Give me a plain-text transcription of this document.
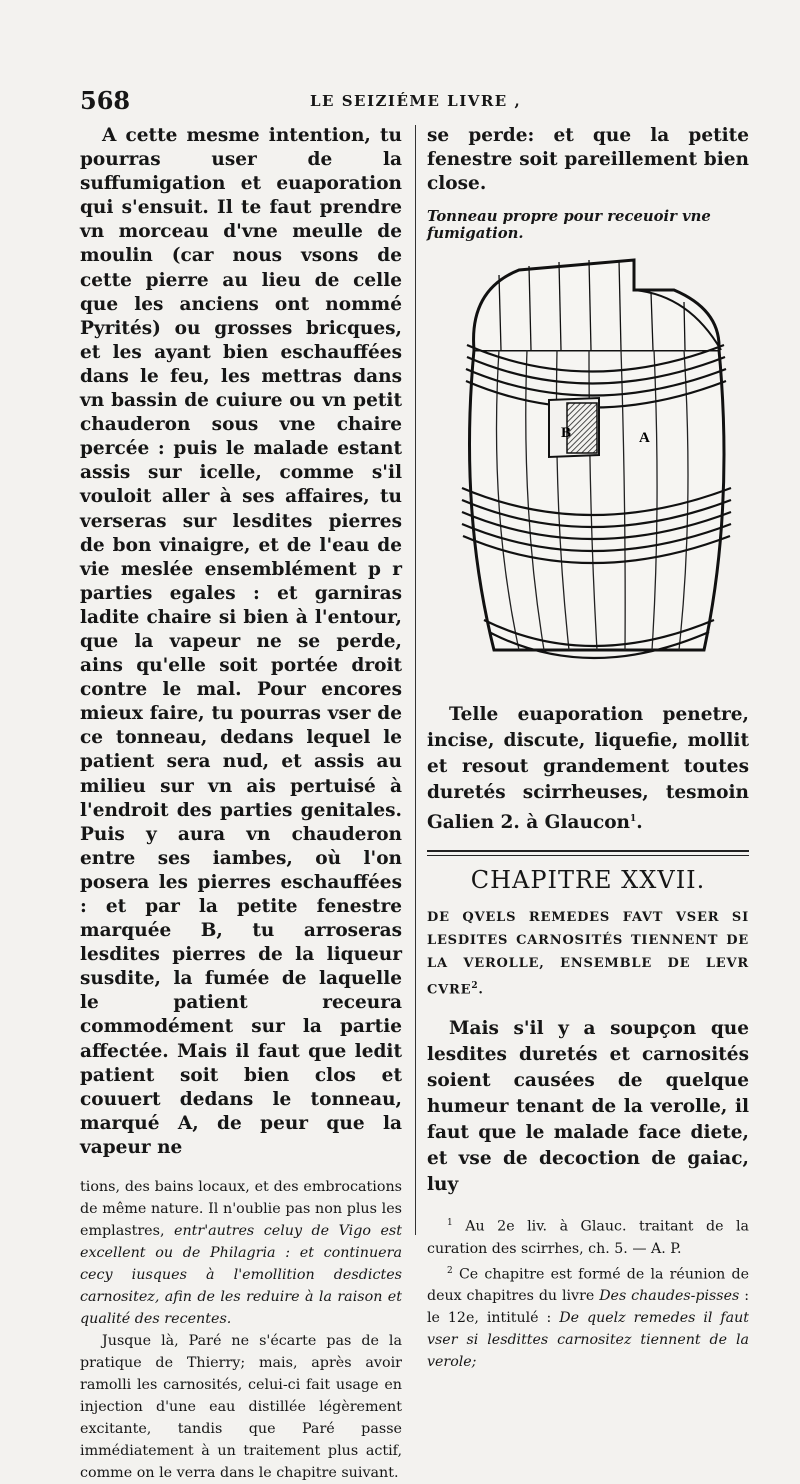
568	LE SEIZIÉME LIVRE ,

A cette mesme intention, tu pourras user de la suffumigation et euaporation qui s'ensuit. Il te faut prendre vn morceau d'vne meulle de moulin (car nous vsons de cette pierre au lieu de celle que les anciens ont nommé Pyrités) ou grosses bricques, et les ayant bien eschauffées dans le feu, les mettras dans vn bassin de cuiure ou vn petit chauderon sous vne chaire percée : puis le malade estant assis sur icelle, comme s'il vouloit aller à ses affaires, tu verseras sur lesdites pierres de bon vinaigre, et de l'eau de vie meslée ensemblément p r parties egales : et garniras ladite chaire si bien à l'entour, que la vapeur ne se perde, ains qu'elle soit portée droit contre le mal. Pour encores mieux faire, tu pourras vser de ce tonneau, dedans lequel le patient sera nud, et assis au milieu sur vn ais pertuisé à l'endroit des parties genitales. Puis y aura vn chauderon entre ses iambes, où l'on posera les pierres eschauffées : et par la petite fenestre marquée B, tu arroseras lesdites pierres de la liqueur susdite, la fumée de laquelle le patient receura commodément sur la partie affectée. Mais il faut que ledit patient soit bien clos et couuert dedans le tonneau, marqué A, de peur que la vapeur ne

tions, des bains locaux, et des embrocations de même nature. Il n'oublie pas non plus les emplastres, entr'autres celuy de Vigo est excellent ou de Philagria : et continuera cecy iusques à l'emollition desdictes carnositez, afin de les reduire à la raison et qualité des recentes.

Jusque là, Paré ne s'écarte pas de la pratique de Thierry; mais, après avoir ramolli les carnosités, celui-ci fait usage en injection d'une eau distillée légèrement excitante, tandis que Paré passe immédiatement à un traitement plus actif, comme on le verra dans le chapitre suivant.

se perde: et que la petite fenestre soit pareillement bien close.

Tonneau propre pour receuoir vne fumigation.
B	A

Telle euaporation penetre, incise, discute, liquefie, mollit et resout grandement toutes duretés scirrheuses, tesmoin Galien 2. à Glaucon$^1$.

CHAPITRE XXVII.

DE QVELS REMEDES FAVT VSER SI LESDITES CARNOSITÉS TIENNENT DE LA VEROLLE, ENSEMBLE DE LEVR CVRE$^2$.

Mais s'il y a soupçon que lesdites duretés et carnosités soient causées de quelque humeur tenant de la verolle, il faut que le malade face diete, et vse de decoction de gaiac, luy

$^1$ Au 2e liv. à Glauc. traitant de la curation des scirrhes, ch. 5. — A. P.

$^2$ Ce chapitre est formé de la réunion de deux chapitres du livre Des chaudes-pisses : le 12e, intitulé : De quelz remedes il faut vser si lesdittes carnositez tiennent de la verole;
